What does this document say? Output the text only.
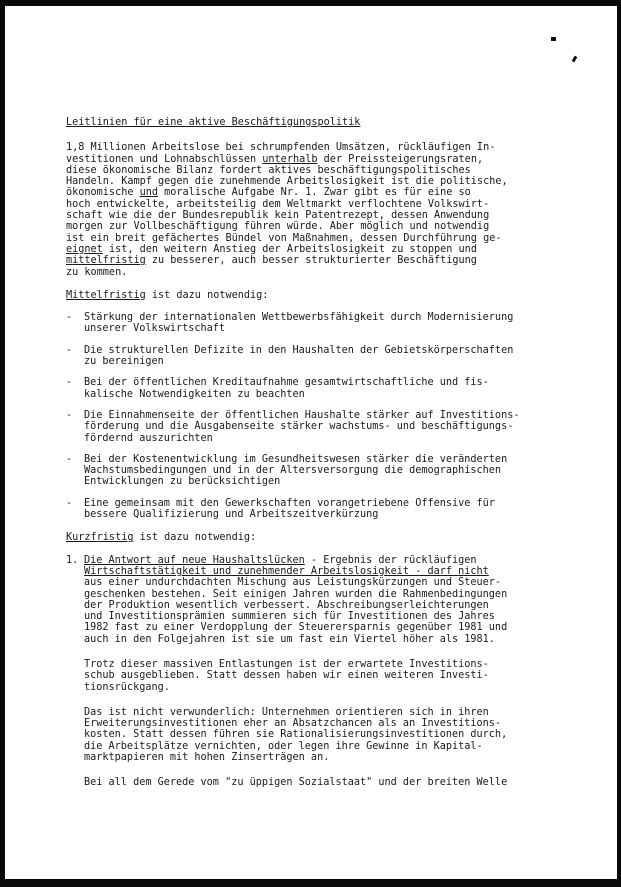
Leitlinien für eine aktive Beschäftigungspolitik
1,8 Millionen Arbeitslose bei schrumpfenden Umsätzen, rückläufigen In-
vestitionen und Lohnabschlüssen unterhalb der Preissteigerungsraten,
diese ökonomische Bilanz fordert aktives beschäftigungspolitisches
Handeln. Kampf gegen die zunehmende Arbeitslosigkeit ist die politische,
ökonomische und moralische Aufgabe Nr. 1. Zwar gibt es für eine so
hoch entwickelte, arbeitsteilig dem Weltmarkt verflochtene Volkswirt-
schaft wie die der Bundesrepublik kein Patentrezept, dessen Anwendung
morgen zur Vollbeschäftigung führen würde. Aber möglich und notwendig
ist ein breit gefächertes Bündel von Maßnahmen, dessen Durchführung ge-
eignet ist, den weitern Anstieg der Arbeitslosigkeit zu stoppen und
mittelfristig zu besserer, auch besser strukturierter Beschäftigung
zu kommen.
Mittelfristig ist dazu notwendig:
- Stärkung der internationalen Wettbewerbsfähigkeit durch Modernisierung
unserer Volkswirtschaft
- Die strukturellen Defizite in den Haushalten der Gebietskörperschaften
zu bereinigen
- Bei der öffentlichen Kreditaufnahme gesamtwirtschaftliche und fis-
kalische Notwendigkeiten zu beachten
- Die Einnahmenseite der öffentlichen Haushalte stärker auf Investitions-
förderung und die Ausgabenseite stärker wachstums- und beschäftigungs-
fördernd auszurichten
- Bei der Kostenentwicklung im Gesundheitswesen stärker die veränderten
Wachstumsbedingungen und in der Altersversorgung die demographischen
Entwicklungen zu berücksichtigen
- Eine gemeinsam mit den Gewerkschaften vorangetriebene Offensive für
bessere Qualifizierung und Arbeitszeitverkürzung
Kurzfristig ist dazu notwendig:
1. Die Antwort auf neue Haushaltslücken - Ergebnis der rückläufigen
Wirtschaftstätigkeit und zunehmender Arbeitslosigkeit - darf nicht
aus einer undurchdachten Mischung aus Leistungskürzungen und Steuer-
geschenken bestehen. Seit einigen Jahren wurden die Rahmenbedingungen
der Produktion wesentlich verbessert. Abschreibungserleichterungen
und Investitionsprämien summieren sich für Investitionen des Jahres
1982 fast zu einer Verdopplung der Steuerersparnis gegenüber 1981 und
auch in den Folgejahren ist sie um fast ein Viertel höher als 1981.
Trotz dieser massiven Entlastungen ist der erwartete Investitions-
schub ausgeblieben. Statt dessen haben wir einen weiteren Investi-
tionsrückgang.
Das ist nicht verwunderlich: Unternehmen orientieren sich in ihren
Erweiterungsinvestitionen eher an Absatzchancen als an Investitions-
kosten. Statt dessen führen sie Rationalisierungsinvestitionen durch,
die Arbeitsplätze vernichten, oder legen ihre Gewinne in Kapital-
marktpapieren mit hohen Zinserträgen an.
Bei all dem Gerede vom "zu üppigen Sozialstaat" und der breiten Welle
